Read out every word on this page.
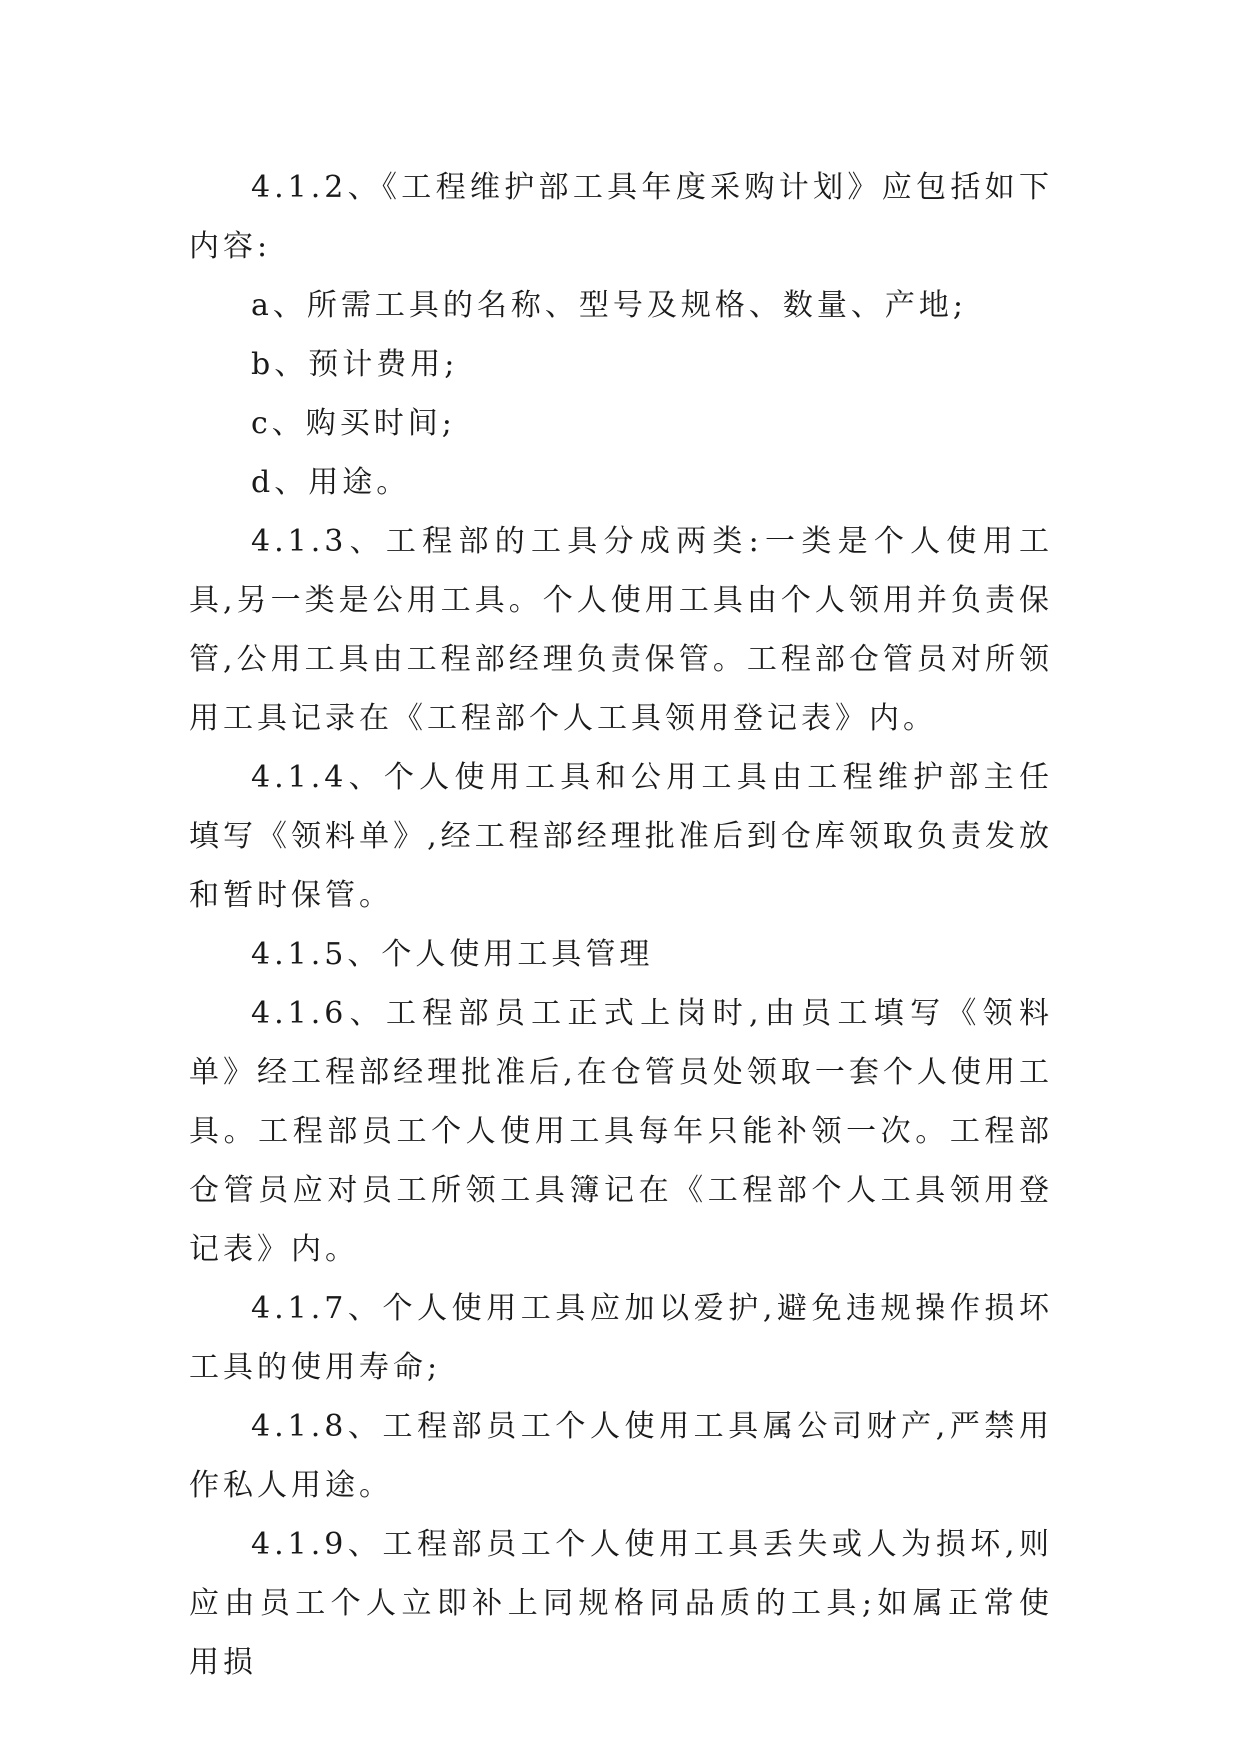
4.1.2、《工程维护部工具年度采购计划》应包括如下内容:

a、所需工具的名称、型号及规格、数量、产地;

b、预计费用;

c、购买时间;

d、用途。

4.1.3、工程部的工具分成两类:一类是个人使用工具,另一类是公用工具。个人使用工具由个人领用并负责保管,公用工具由工程部经理负责保管。工程部仓管员对所领用工具记录在《工程部个人工具领用登记表》内。

4.1.4、个人使用工具和公用工具由工程维护部主任填写《领料单》,经工程部经理批准后到仓库领取负责发放和暂时保管。

4.1.5、个人使用工具管理

4.1.6、工程部员工正式上岗时,由员工填写《领料单》经工程部经理批准后,在仓管员处领取一套个人使用工具。工程部员工个人使用工具每年只能补领一次。工程部仓管员应对员工所领工具簿记在《工程部个人工具领用登记表》内。

4.1.7、个人使用工具应加以爱护,避免违规操作损坏工具的使用寿命;

4.1.8、工程部员工个人使用工具属公司财产,严禁用作私人用途。

4.1.9、工程部员工个人使用工具丢失或人为损坏,则应由员工个人立即补上同规格同品质的工具;如属正常使用损
